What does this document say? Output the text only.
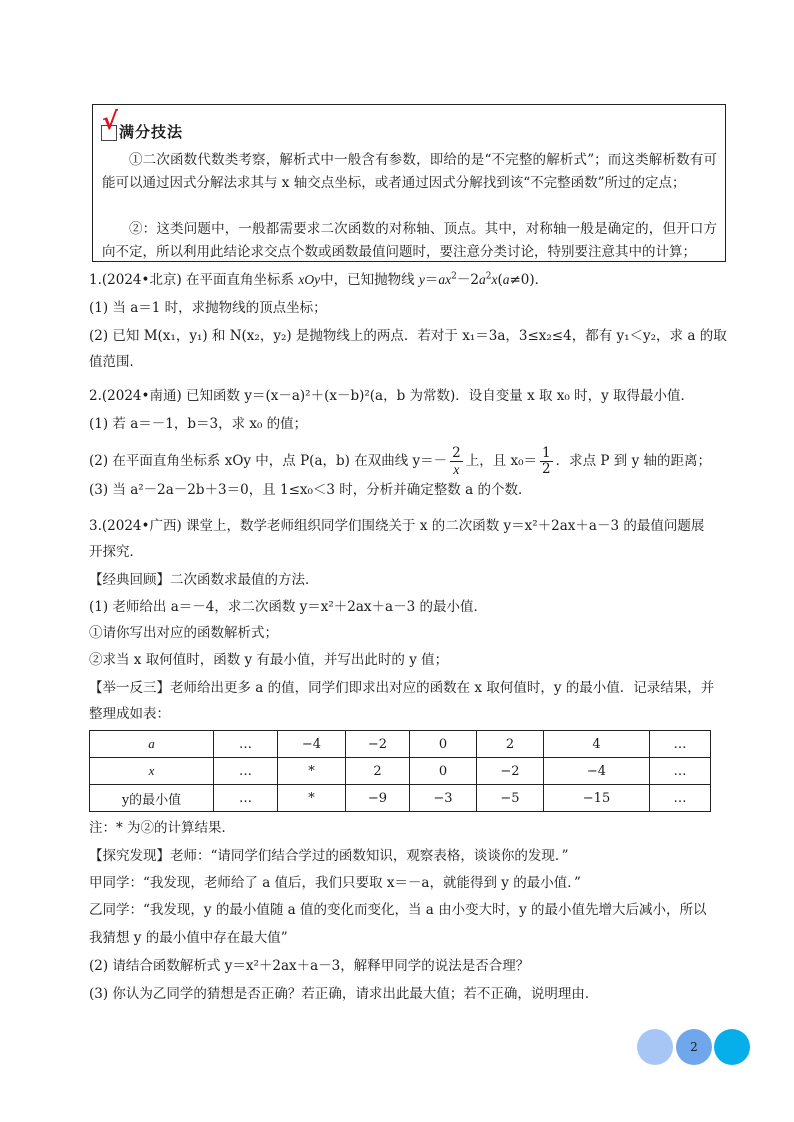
√ 满分技法
①二次函数代数类考察，解析式中一般含有参数，即给的是“不完整的解析式”；而这类解析数有可能可以通过因式分解法求其与 x 轴交点坐标，或者通过因式分解找到该“不完整函数”所过的定点；
②：这类问题中，一般都需要求二次函数的对称轴、顶点。其中，对称轴一般是确定的，但开口方向不定，所以利用此结论求交点个数或函数最值问题时，要注意分类讨论，特别要注意其中的计算；
1.(2024•北京) 在平面直角坐标系 xOy中，已知抛物线 $y=ax^2-2a^2x(a\ne 0)$．
(1) 当 a＝1 时，求抛物线的顶点坐标；
(2) 已知 M(x₁，y₁) 和 N(x₂，y₂) 是抛物线上的两点．若对于 x₁＝3a，3≤x₂≤4，都有 y₁＜y₂，求 a 的取
值范围．
2.(2024•南通) 已知函数 y＝(x－a)²＋(x－b)²(a，b 为常数)．设自变量 x 取 x₀ 时，y 取得最小值．
(1) 若 a＝－1，b＝3，求 x₀ 的值；
(2) 在平面直角坐标系 xOy 中，点 P(a，b) 在双曲线 $y=- \frac{2}{x}$ 上，且 $x_0= \frac{1}{2}$ ．求点 P 到 y 轴的距离；
(3) 当 a²－2a－2b＋3＝0，且 1≤x₀＜3 时，分析并确定整数 a 的个数．
3.(2024•广西) 课堂上，数学老师组织同学们围绕关于 x 的二次函数 y＝x²＋2ax＋a－3 的最值问题展
开探究．
【经典回顾】二次函数求最值的方法．
(1) 老师给出 a＝－4，求二次函数 y＝x²＋2ax＋a－3 的最小值．
①请你写出对应的函数解析式；
②求当 x 取何值时，函数 y 有最小值，并写出此时的 y 值；
【举一反三】老师给出更多 a 的值，同学们即求出对应的函数在 x 取何值时，y 的最小值．记录结果，并
整理成如表：
a	…	−4	−2	0	2	4	…
x	…	*	2	0	−2	−4	…
y的最小值	…	*	−9	−3	−5	−15	…
注：* 为②的计算结果．
【探究发现】老师：“请同学们结合学过的函数知识，观察表格，谈谈你的发现．”
甲同学：“我发现，老师给了 a 值后，我们只要取 x＝－a，就能得到 y 的最小值．”
乙同学：“我发现，y 的最小值随 a 值的变化而变化，当 a 由小变大时，y 的最小值先增大后减小，所以
我猜想 y 的最小值中存在最大值”
(2) 请结合函数解析式 y＝x²＋2ax＋a－3，解释甲同学的说法是否合理？
(3) 你认为乙同学的猜想是否正确？若正确，请求出此最大值；若不正确，说明理由．
2
